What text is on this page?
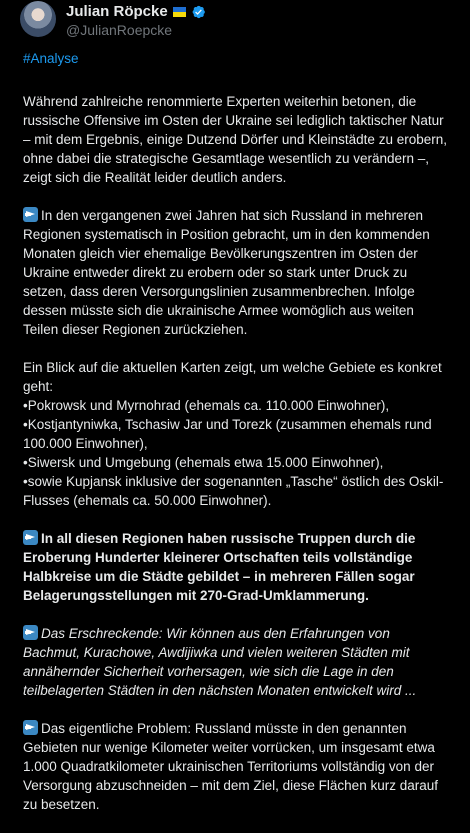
Julian Röpcke
@JulianRoepcke

#Analyse

Während zahlreiche renommierte Experten weiterhin betonen, die russische Offensive im Osten der Ukraine sei lediglich taktischer Natur – mit dem Ergebnis, einige Dutzend Dörfer und Kleinstädte zu erobern, ohne dabei die strategische Gesamtlage wesentlich zu verändern –, zeigt sich die Realität leider deutlich anders.

In den vergangenen zwei Jahren hat sich Russland in mehreren Regionen systematisch in Position gebracht, um in den kommenden Monaten gleich vier ehemalige Bevölkerungszentren im Osten der Ukraine entweder direkt zu erobern oder so stark unter Druck zu setzen, dass deren Versorgungslinien zusammenbrechen. Infolge dessen müsste sich die ukrainische Armee womöglich aus weiten Teilen dieser Regionen zurückziehen.

Ein Blick auf die aktuellen Karten zeigt, um welche Gebiete es konkret geht:
•Pokrowsk und Myrnohrad (ehemals ca. 110.000 Einwohner),
•Kostjantyniwka, Tschasiw Jar und Torezk (zusammen ehemals rund 100.000 Einwohner),
•Siwersk und Umgebung (ehemals etwa 15.000 Einwohner),
•sowie Kupjansk inklusive der sogenannten „Tasche“ östlich des Oskil-Flusses (ehemals ca. 50.000 Einwohner).

In all diesen Regionen haben russische Truppen durch die Eroberung Hunderter kleinerer Ortschaften teils vollständige Halbkreise um die Städte gebildet – in mehreren Fällen sogar Belagerungsstellungen mit 270-Grad-Umklammerung.

Das Erschreckende: Wir können aus den Erfahrungen von Bachmut, Kurachowe, Awdijiwka und vielen weiteren Städten mit annähernder Sicherheit vorhersagen, wie sich die Lage in den teilbelagerten Städten in den nächsten Monaten entwickelt wird ...

Das eigentliche Problem: Russland müsste in den genannten Gebieten nur wenige Kilometer weiter vorrücken, um insgesamt etwa 1.000 Quadratkilometer ukrainischen Territoriums vollständig von der Versorgung abzuschneiden – mit dem Ziel, diese Flächen kurz darauf zu besetzen.
